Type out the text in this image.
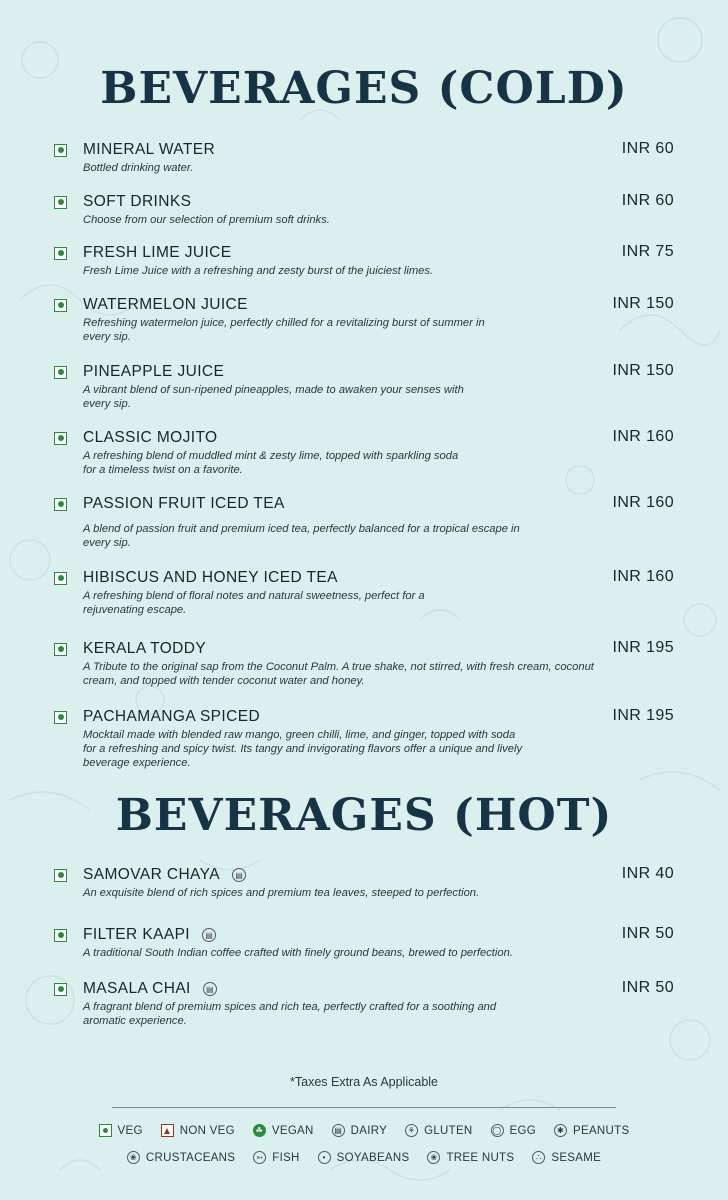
BEVERAGES (COLD)
MINERAL WATER	INR 60
Bottled drinking water.
SOFT DRINKS	INR 60
Choose from our selection of premium soft drinks.
FRESH LIME JUICE	INR 75
Fresh Lime Juice with a refreshing and zesty burst of the juiciest limes.
WATERMELON JUICE	INR 150
Refreshing watermelon juice, perfectly chilled for a revitalizing burst of summer in every sip.
PINEAPPLE JUICE	INR 150
A vibrant blend of sun-ripened pineapples, made to awaken your senses with every sip.
CLASSIC MOJITO	INR 160
A refreshing blend of muddled mint & zesty lime, topped with sparkling soda for a timeless twist on a favorite.
PASSION FRUIT ICED TEA	INR 160
A blend of passion fruit and premium iced tea, perfectly balanced for a tropical escape in every sip.
HIBISCUS AND HONEY ICED TEA	INR 160
A refreshing blend of floral notes and natural sweetness, perfect for a rejuvenating escape.
KERALA TODDY	INR 195
A Tribute to the original sap from the Coconut Palm. A true shake, not stirred, with fresh cream, coconut cream, and topped with tender coconut water and honey.
PACHAMANGA SPICED	INR 195
Mocktail made with blended raw mango, green chilli, lime, and ginger, topped with soda for a refreshing and spicy twist. Its tangy and invigorating flavors offer a unique and lively beverage experience.
BEVERAGES (HOT)
SAMOVAR CHAYA	▤	INR 40
An exquisite blend of rich spices and premium tea leaves, steeped to perfection.
FILTER KAAPI	▤	INR 50
A traditional South Indian coffee crafted with finely ground beans, brewed to perfection.
MASALA CHAI	▤	INR 50
A fragrant blend of premium spices and rich tea, perfectly crafted for a soothing and aromatic experience.
*Taxes Extra As Applicable
VEG	NON VEG	☘ VEGAN	▤ DAIRY	⚘ GLUTEN ◯ EGG	✱ PEANUTS
❀ CRUSTACEANS	➳ FISH	• SOYABEANS	❀ TREE NUTS	∴ SESAME
